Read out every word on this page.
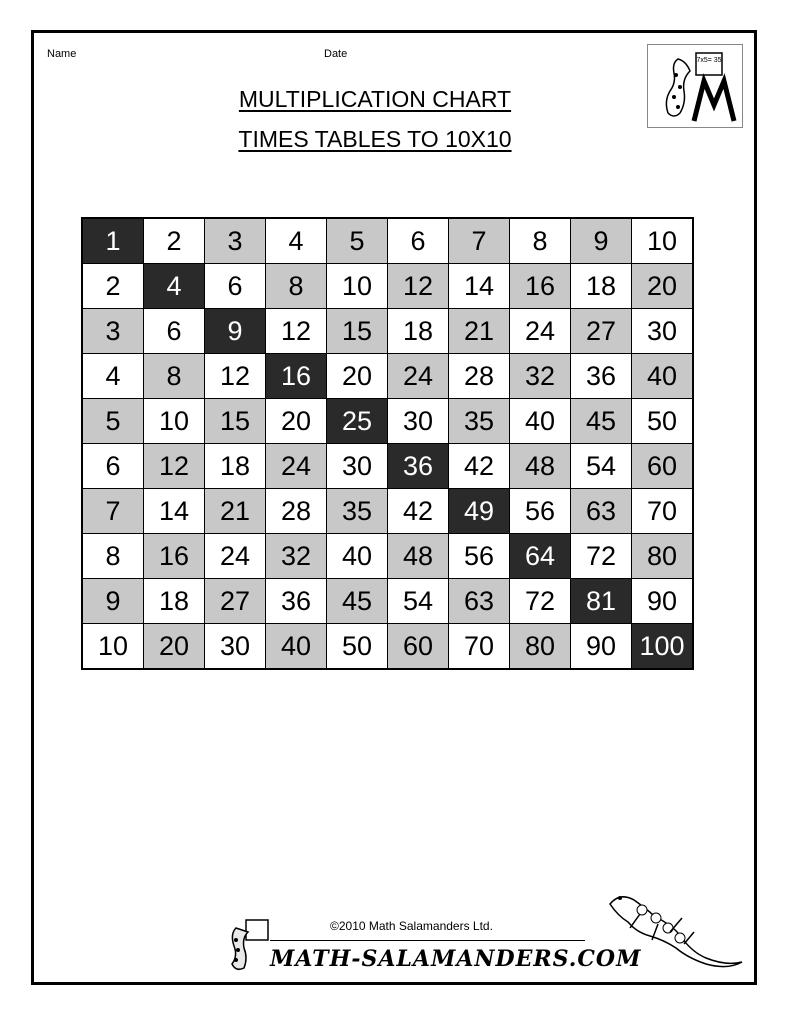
Name	Date
7x5= 35
MULTIPLICATION CHART
TIMES TABLES TO 10X10
1	2	3	4	5	6	7	8	9	10
2	4	6	8	10	12	14	16	18	20
3	6	9	12	15	18	21	24	27	30
4	8	12	16	20	24	28	32	36	40
5	10	15	20	25	30	35	40	45	50
6	12	18	24	30	36	42	48	54	60
7	14	21	28	35	42	49	56	63	70
8	16	24	32	40	48	56	64	72	80
9	18	27	36	45	54	63	72	81	90
10	20	30	40	50	60	70	80	90	100
©2010 Math Salamanders Ltd.
MATH-SALAMANDERS.COM
